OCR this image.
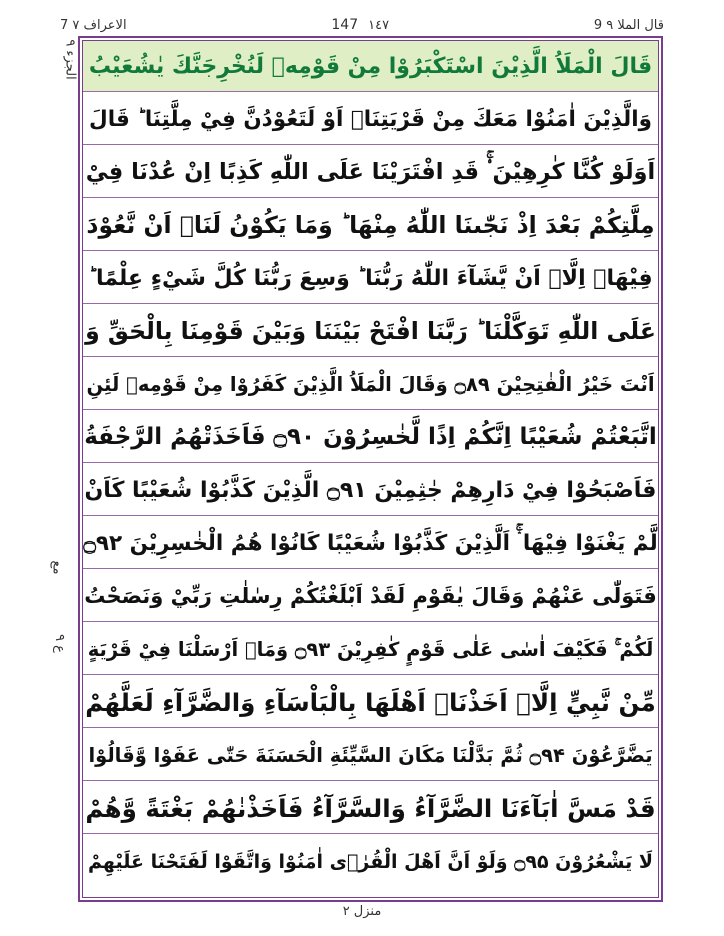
7 الاعراف ۷	147 ١٤٧	9 قال الملا ۹
الجزء ۹
مع
ع ۹
قَالَ الْمَلَاُ الَّذِيْنَ اسْتَكْبَرُوْا مِنْ قَوْمِهٖ لَنُخْرِجَنَّكَ يٰشُعَيْبُ
وَالَّذِيْنَ اٰمَنُوْا مَعَكَ مِنْ قَرْيَتِنَاۤ اَوْ لَتَعُوْدُنَّ فِيْ مِلَّتِنَا ؕ قَالَ
اَوَلَوْ كُنَّا كٰرِهِيْنَ ۟ۚ قَدِ افْتَرَيْنَا عَلَى اللّٰهِ كَذِبًا اِنْ عُدْنَا فِيْ
مِلَّتِكُمْ بَعْدَ اِذْ نَجّٰىنَا اللّٰهُ مِنْهَا ؕ وَمَا يَكُوْنُ لَنَاۤ اَنْ نَّعُوْدَ
فِيْهَاۤ اِلَّاۤ اَنْ يَّشَآءَ اللّٰهُ رَبُّنَا ؕ وَسِعَ رَبُّنَا كُلَّ شَيْءٍ عِلْمًا ؕ
عَلَى اللّٰهِ تَوَكَّلْنَا ؕ رَبَّنَا افْتَحْ بَيْنَنَا وَبَيْنَ قَوْمِنَا بِالْحَقِّ وَ
اَنْتَ خَيْرُ الْفٰتِحِيْنَ ۝۸۹ وَقَالَ الْمَلَاُ الَّذِيْنَ كَفَرُوْا مِنْ قَوْمِهٖ لَئِنِ
اتَّبَعْتُمْ شُعَيْبًا اِنَّكُمْ اِذًا لَّخٰسِرُوْنَ ۝۹۰ فَاَخَذَتْهُمُ الرَّجْفَةُ
فَاَصْبَحُوْا فِيْ دَارِهِمْ جٰثِمِيْنَ ۝۹۱ الَّذِيْنَ كَذَّبُوْا شُعَيْبًا كَاَنْ
لَّمْ يَغْنَوْا فِيْهَا ۛۚ اَلَّذِيْنَ كَذَّبُوْا شُعَيْبًا كَانُوْا هُمُ الْخٰسِرِيْنَ ۝۹۲
فَتَوَلّٰى عَنْهُمْ وَقَالَ يٰقَوْمِ لَقَدْ اَبْلَغْتُكُمْ رِسٰلٰتِ رَبِّيْ وَنَصَحْتُ
لَكُمْ ۚ فَكَيْفَ اٰسٰى عَلٰى قَوْمٍ كٰفِرِيْنَ ۝۹۳ وَمَاۤ اَرْسَلْنَا فِيْ قَرْيَةٍ
مِّنْ نَّبِيٍّ اِلَّاۤ اَخَذْنَاۤ اَهْلَهَا بِالْبَاْسَآءِ وَالضَّرَّآءِ لَعَلَّهُمْ
يَضَّرَّعُوْنَ ۝۹۴ ثُمَّ بَدَّلْنَا مَكَانَ السَّيِّئَةِ الْحَسَنَةَ حَتّٰى عَفَوْا وَّقَالُوْا
قَدْ مَسَّ اٰبَآءَنَا الضَّرَّآءُ وَالسَّرَّآءُ فَاَخَذْنٰهُمْ بَغْتَةً وَّهُمْ
لَا يَشْعُرُوْنَ ۝۹۵ وَلَوْ اَنَّ اَهْلَ الْقُرٰۤى اٰمَنُوْا وَاتَّقَوْا لَفَتَحْنَا عَلَيْهِمْ
منزل ۲
